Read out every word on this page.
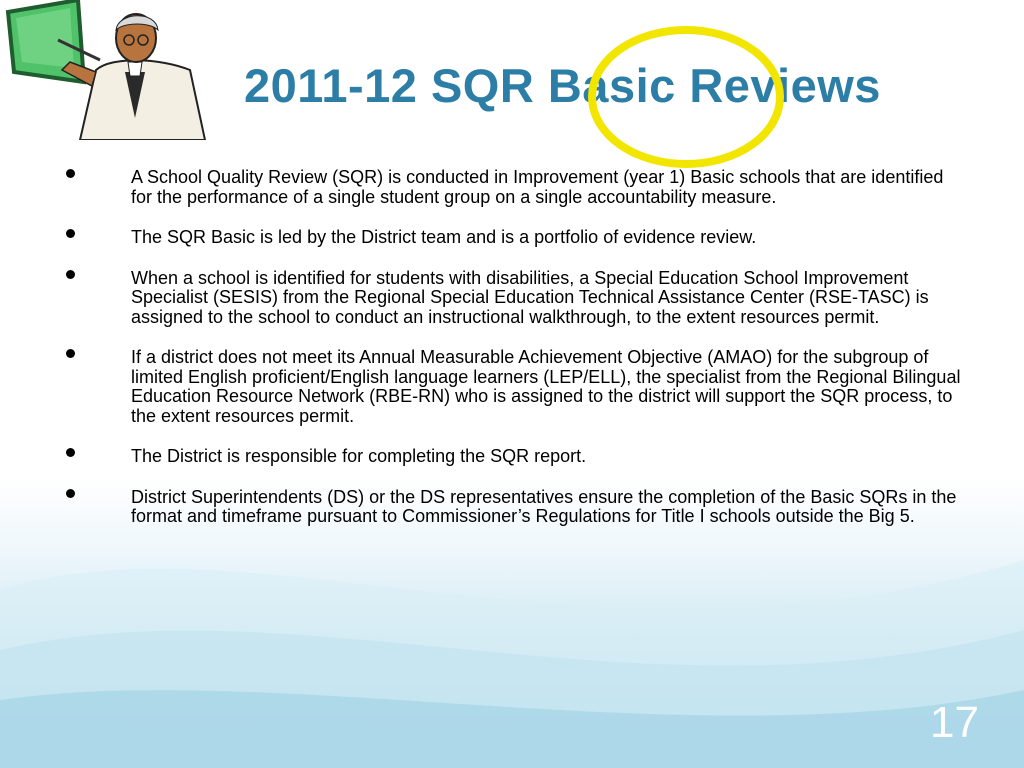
2011-12 SQR Basic Reviews
A School Quality Review (SQR) is conducted in Improvement (year 1) Basic schools that are identified for the performance of a single student group on a single accountability measure.
The SQR Basic is led by the District team and is a portfolio of evidence review.
When a school is identified for students with disabilities, a Special Education School Improvement Specialist (SESIS) from the Regional Special Education Technical Assistance Center (RSE-TASC) is assigned to the school to conduct an instructional walkthrough, to the extent resources permit.
If a district does not meet its Annual Measurable Achievement Objective (AMAO) for the subgroup of limited English proficient/English language learners (LEP/ELL), the specialist from the Regional Bilingual Education Resource Network (RBE-RN) who is assigned to the district will support the SQR process, to the extent resources permit.
The District is responsible for completing the SQR report.
District Superintendents (DS) or the DS representatives ensure the completion of the Basic SQRs in the format and timeframe pursuant to Commissioner’s Regulations for Title I schools outside the Big 5.
17
